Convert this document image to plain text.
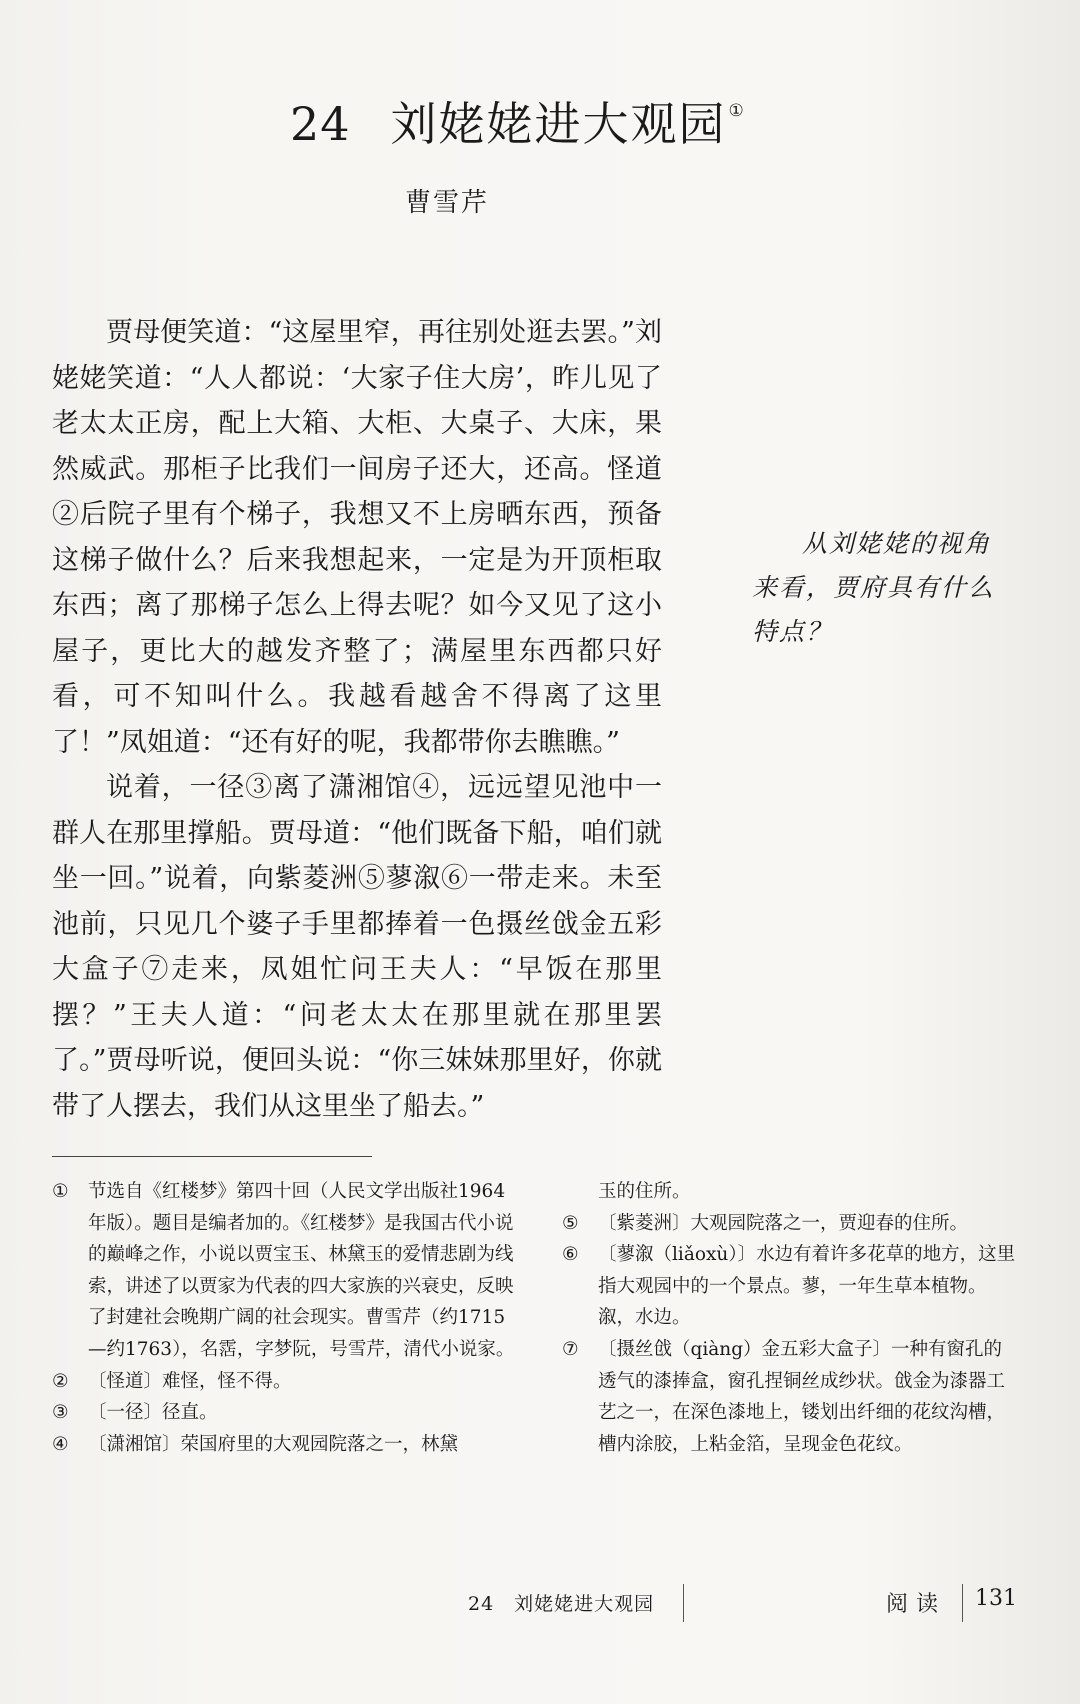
24 刘姥姥进大观园 ①
曹雪芹

贾母便笑道：“这屋里窄，再往别处逛去罢。”刘姥姥笑道：“人人都说：‘大家子住大房’，昨儿见了老太太正房，配上大箱、大柜、大桌子、大床，果然威武。那柜子比我们一间房子还大，还高。怪道②后院子里有个梯子，我想又不上房晒东西，预备这梯子做什么？后来我想起来，一定是为开顶柜取东西；离了那梯子怎么上得去呢？如今又见了这小屋子，更比大的越发齐整了；满屋里东西都只好看，可不知叫什么。我越看越舍不得离了这里了！”凤姐道：“还有好的呢，我都带你去瞧瞧。”

说着，一径③离了潇湘馆④，远远望见池中一群人在那里撑船。贾母道：“他们既备下船，咱们就坐一回。”说着，向紫菱洲⑤蓼溆⑥一带走来。未至池前，只见几个婆子手里都捧着一色摄丝戗金五彩大盒子⑦走来，凤姐忙问王夫人：“早饭在那里摆？”王夫人道：“问老太太在那里就在那里罢了。”贾母听说，便回头说：“你三妹妹那里好，你就带了人摆去，我们从这里坐了船去。”

从刘姥姥的视角来看，贾府具有什么特点？
① 节选自《红楼梦》第四十回（人民文学出版社1964年版）。题目是编者加的。《红楼梦》是我国古代小说的巅峰之作，小说以贾宝玉、林黛玉的爱情悲剧为线索，讲述了以贾家为代表的四大家族的兴衰史，反映了封建社会晚期广阔的社会现实。曹雪芹（约1715—约1763），名霑，字梦阮，号雪芹，清代小说家。
② 〔怪道〕难怪，怪不得。
③ 〔一径〕径直。
④ 〔潇湘馆〕荣国府里的大观园院落之一，林黛
玉的住所。
⑤ 〔紫菱洲〕大观园院落之一，贾迎春的住所。
⑥ 〔蓼溆（liǎoxù）〕水边有着许多花草的地方，这里指大观园中的一个景点。蓼，一年生草本植物。溆，水边。
⑦ 〔摄丝戗（qiàng）金五彩大盒子〕一种有窗孔的透气的漆捧盒，窗孔捏铜丝成纱状。戗金为漆器工艺之一，在深色漆地上，镂划出纤细的花纹沟槽，槽内涂胶，上粘金箔，呈现金色花纹。
24　刘姥姥进大观园	阅读 131
